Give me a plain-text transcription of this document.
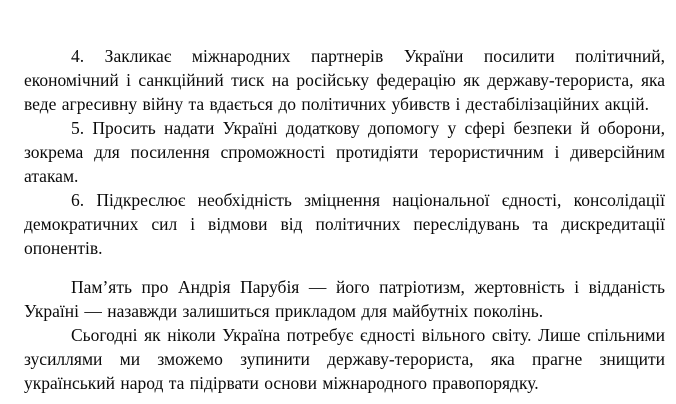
4. Закликає міжнародних партнерів України посилити політичний, економічний і санкційний тиск на російську федерацію як державу-терориста, яка веде агресивну війну та вдається до політичних убивств і дестабілізаційних акцій.

5. Просить надати Україні додаткову допомогу у сфері безпеки й оборони, зокрема для посилення спроможності протидіяти терористичним і диверсійним атакам.

6. Підкреслює необхідність зміцнення національної єдності, консолідації демократичних сил і відмови від політичних переслідувань та дискредитації опонентів.

Пам’ять про Андрія Парубія — його патріотизм, жертовність і відданість Україні — назавжди залишиться прикладом для майбутніх поколінь.

Сьогодні як ніколи Україна потребує єдності вільного світу. Лише спільними зусиллями ми зможемо зупинити державу-терориста, яка прагне знищити український народ та підірвати основи міжнародного правопорядку.
